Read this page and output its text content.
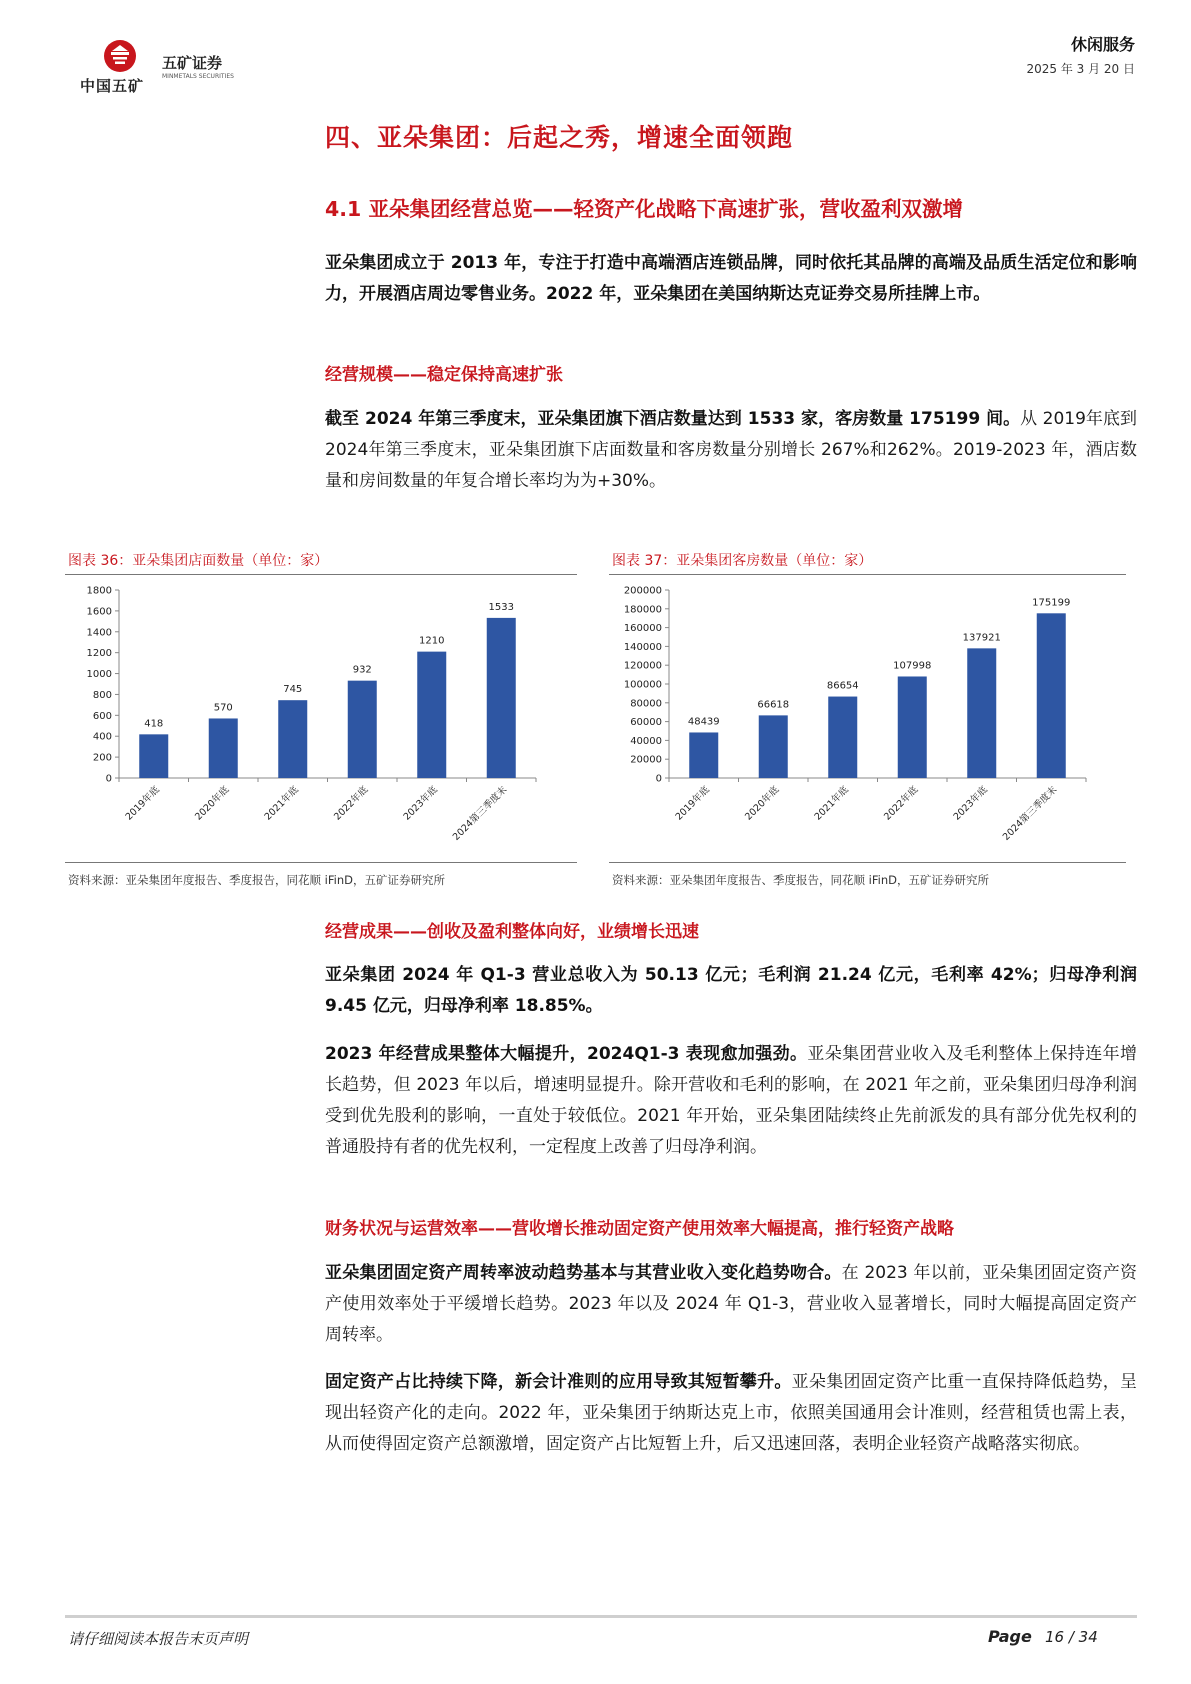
中国五矿
五矿证券
MINMETALS SECURITIES
休闲服务
2025 年 3 月 20 日
四、亚朵集团：后起之秀，增速全面领跑
4.1 亚朵集团经营总览——轻资产化战略下高速扩张，营收盈利双激增
亚朵集团成立于 2013 年，专注于打造中高端酒店连锁品牌，同时依托其品牌的高端及品质生活定位和影响力，开展酒店周边零售业务。2022 年，亚朵集团在美国纳斯达克证券交易所挂牌上市。
经营规模——稳定保持高速扩张
截至 2024 年第三季度末，亚朵集团旗下酒店数量达到 1533 家，客房数量 175199 间。从 2019年底到2024年第三季度末，亚朵集团旗下店面数量和客房数量分别增长 267%和262%。2019-2023 年，酒店数量和房间数量的年复合增长率均为为+30%。
图表 36：亚朵集团店面数量（单位：家）
0
200
400
600
800
1000
1200
1400
1600
1800
418
2019年底
570
2020年底
745
2021年底
932
2022年底
1210
2023年底
1533
2024第三季度末
资料来源：亚朵集团年度报告、季度报告，同花顺 iFinD，五矿证券研究所
图表 37：亚朵集团客房数量（单位：家）
0
20000
40000
60000
80000
100000
120000
140000
160000
180000
200000
48439
2019年底
66618
2020年底
86654
2021年底
107998
2022年底
137921
2023年底
175199
2024第三季度末
资料来源：亚朵集团年度报告、季度报告，同花顺 iFinD，五矿证券研究所
经营成果——创收及盈利整体向好，业绩增长迅速
亚朵集团 2024 年 Q1-3 营业总收入为 50.13 亿元；毛利润 21.24 亿元，毛利率 42%；归母净利润 9.45 亿元，归母净利率 18.85%。
2023 年经营成果整体大幅提升，2024Q1-3 表现愈加强劲。亚朵集团营业收入及毛利整体上保持连年增长趋势，但 2023 年以后，增速明显提升。除开营收和毛利的影响，在 2021 年之前，亚朵集团归母净利润受到优先股利的影响，一直处于较低位。2021 年开始，亚朵集团陆续终止先前派发的具有部分优先权利的普通股持有者的优先权利，一定程度上改善了归母净利润。
财务状况与运营效率——营收增长推动固定资产使用效率大幅提高，推行轻资产战略
亚朵集团固定资产周转率波动趋势基本与其营业收入变化趋势吻合。在 2023 年以前，亚朵集团固定资产资产使用效率处于平缓增长趋势。2023 年以及 2024 年 Q1-3，营业收入显著增长，同时大幅提高固定资产周转率。
固定资产占比持续下降，新会计准则的应用导致其短暂攀升。亚朵集团固定资产比重一直保持降低趋势，呈现出轻资产化的走向。2022 年，亚朵集团于纳斯达克上市，依照美国通用会计准则，经营租赁也需上表，从而使得固定资产总额激增，固定资产占比短暂上升，后又迅速回落，表明企业轻资产战略落实彻底。
请仔细阅读本报告末页声明	Page 16 / 34
